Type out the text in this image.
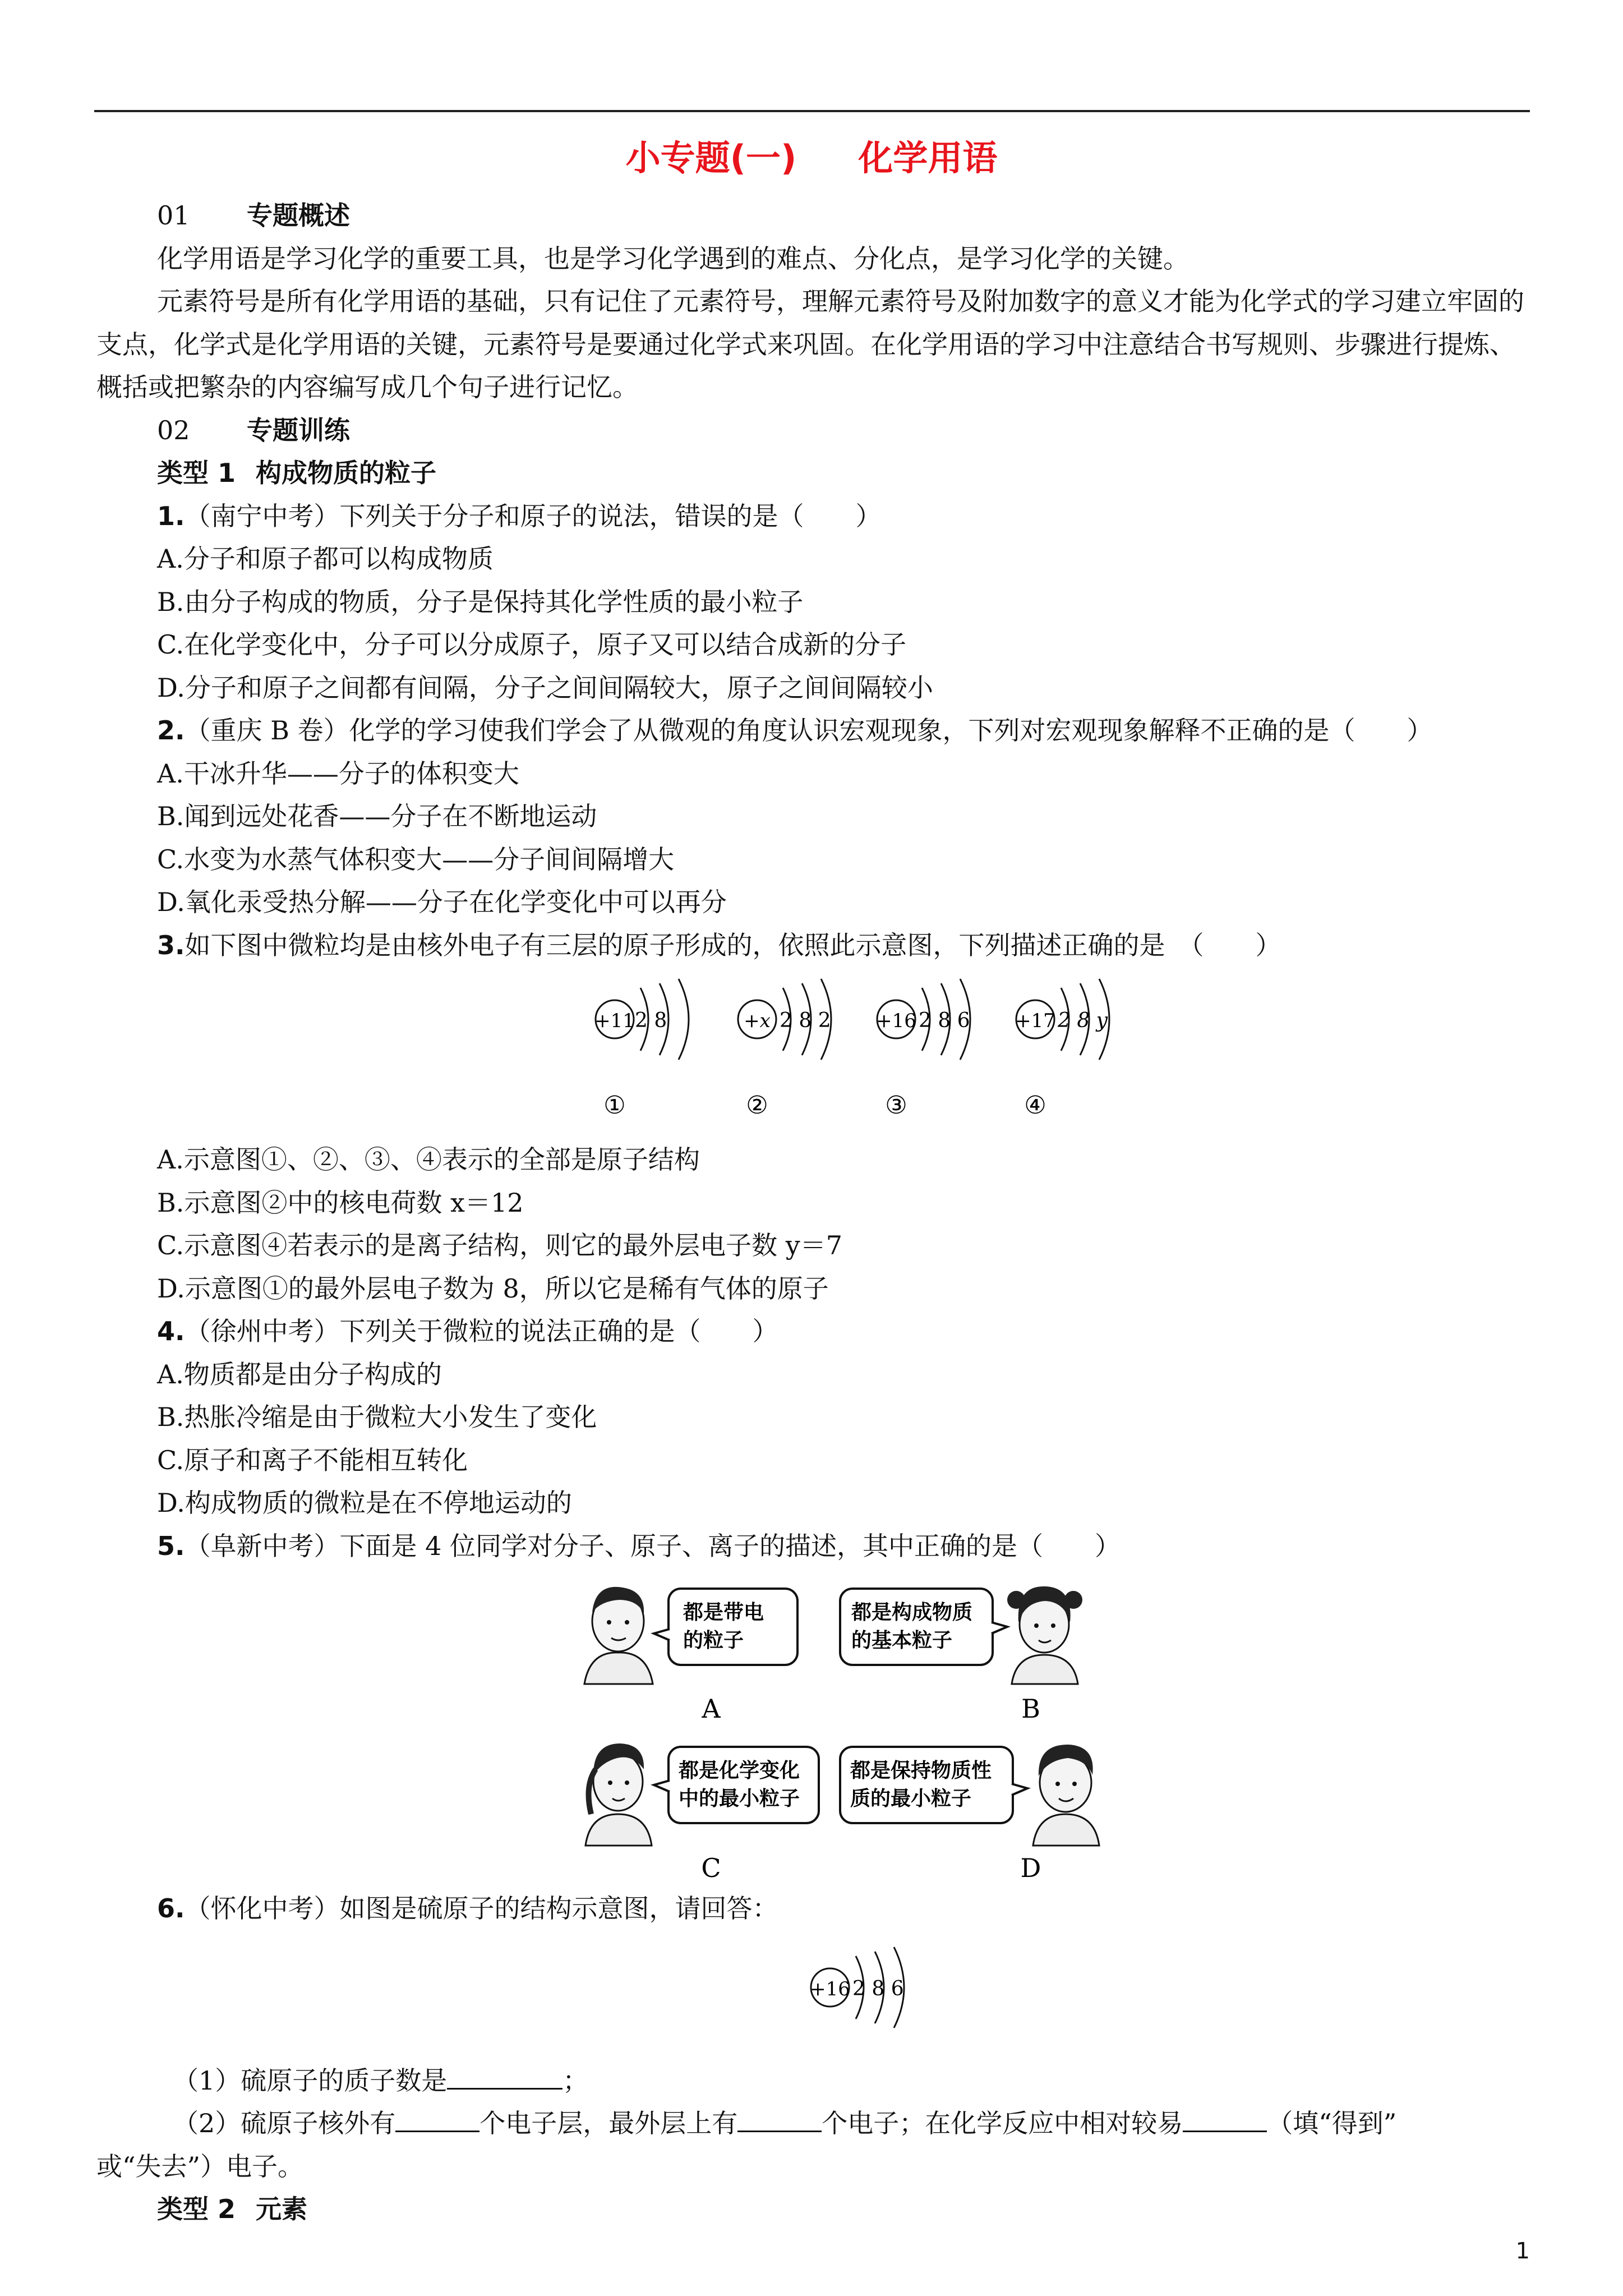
小专题(一) 化学用语
01 专题概述
化学用语是学习化学的重要工具，也是学习化学遇到的难点、分化点，是学习化学的关键。
元素符号是所有化学用语的基础，只有记住了元素符号，理解元素符号及附加数字的意义才能为化学式的学习建立牢固的支点，化学式是化学用语的关键，元素符号是要通过化学式来巩固。在化学用语的学习中注意结合书写规则、步骤进行提炼、概括或把繁杂的内容编写成几个句子进行记忆。
02 专题训练
类型 1 构成物质的粒子
1.（南宁中考）下列关于分子和原子的说法，错误的是（　　）
A.分子和原子都可以构成物质
B.由分子构成的物质，分子是保持其化学性质的最小粒子
C.在化学变化中，分子可以分成原子，原子又可以结合成新的分子
D.分子和原子之间都有间隔，分子之间间隔较大，原子之间间隔较小
2.（重庆 B 卷）化学的学习使我们学会了从微观的角度认识宏观现象，下列对宏观现象解释不正确的是（　　）
A.干冰升华——分子的体积变大
B.闻到远处花香——分子在不断地运动
C.水变为水蒸气体积变大——分子间间隔增大
D.氧化汞受热分解——分子在化学变化中可以再分
3.如下图中微粒均是由核外电子有三层的原子形成的，依照此示意图，下列描述正确的是　（　　）
+11 2 8
①
+x 2 8 2
②
+16 2 8 6
③
+17 2 8 y
④
A.示意图①、②、③、④表示的全部是原子结构
B.示意图②中的核电荷数 x＝12
C.示意图④若表示的是离子结构，则它的最外层电子数 y＝7
D.示意图①的最外层电子数为 8，所以它是稀有气体的原子
4.（徐州中考）下列关于微粒的说法正确的是（　　）
A.物质都是由分子构成的
B.热胀冷缩是由于微粒大小发生了变化
C.原子和离子不能相互转化
D.构成物质的微粒是在不停地运动的
5.（阜新中考）下面是 4 位同学对分子、原子、离子的描述，其中正确的是（　　）
都是带电
的粒子
A
都是构成物质
的基本粒子
B
都是化学变化
中的最小粒子
C
都是保持物质性
质的最小粒子
D
6.（怀化中考）如图是硫原子的结构示意图，请回答：
+16 2 8 6
（1）硫原子的质子数是	；
（2）硫原子核外有	个电子层，最外层上有	个电子；在化学反应中相对较易	（填“得到”
或“失去”）电子。
类型 2 元素
1
